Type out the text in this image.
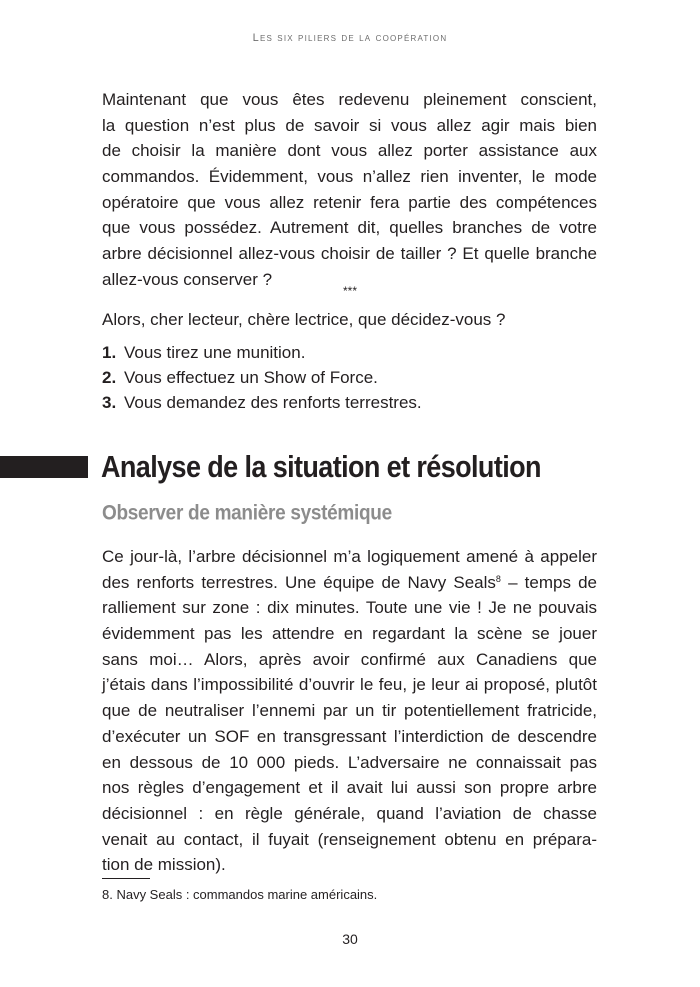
Les six piliers de la coopération
Maintenant que vous êtes redevenu pleinement conscient,
la question n’est plus de savoir si vous allez agir mais bien
de choisir la manière dont vous allez porter assistance aux
commandos. Évidemment, vous n’allez rien inventer, le mode
opératoire que vous allez retenir fera partie des compétences
que vous possédez. Autrement dit, quelles branches de votre
arbre décisionnel allez-vous choisir de tailler ? Et quelle branche
allez-vous conserver ?
***
Alors, cher lecteur, chère lectrice, que décidez-vous ?
1. Vous tirez une munition.
2. Vous effectuez un Show of Force.
3. Vous demandez des renforts terrestres.
Analyse de la situation et résolution
Observer de manière systémique
Ce jour-là, l’arbre décisionnel m’a logiquement amené à appeler
des renforts terrestres. Une équipe de Navy Seals$^8$ – temps de
ralliement sur zone : dix minutes. Toute une vie ! Je ne pouvais
évidemment pas les attendre en regardant la scène se jouer
sans moi… Alors, après avoir confirmé aux Canadiens que
j’étais dans l’impossibilité d’ouvrir le feu, je leur ai proposé, plutôt
que de neutraliser l’ennemi par un tir potentiellement fratricide,
d’exécuter un SOF en transgressant l’interdiction de descendre
en dessous de 10 000 pieds. L’adversaire ne connaissait pas
nos règles d’engagement et il avait lui aussi son propre arbre
décisionnel : en règle générale, quand l’aviation de chasse
venait au contact, il fuyait (renseignement obtenu en prépara-
tion de mission).
8. Navy Seals : commandos marine américains.
30
